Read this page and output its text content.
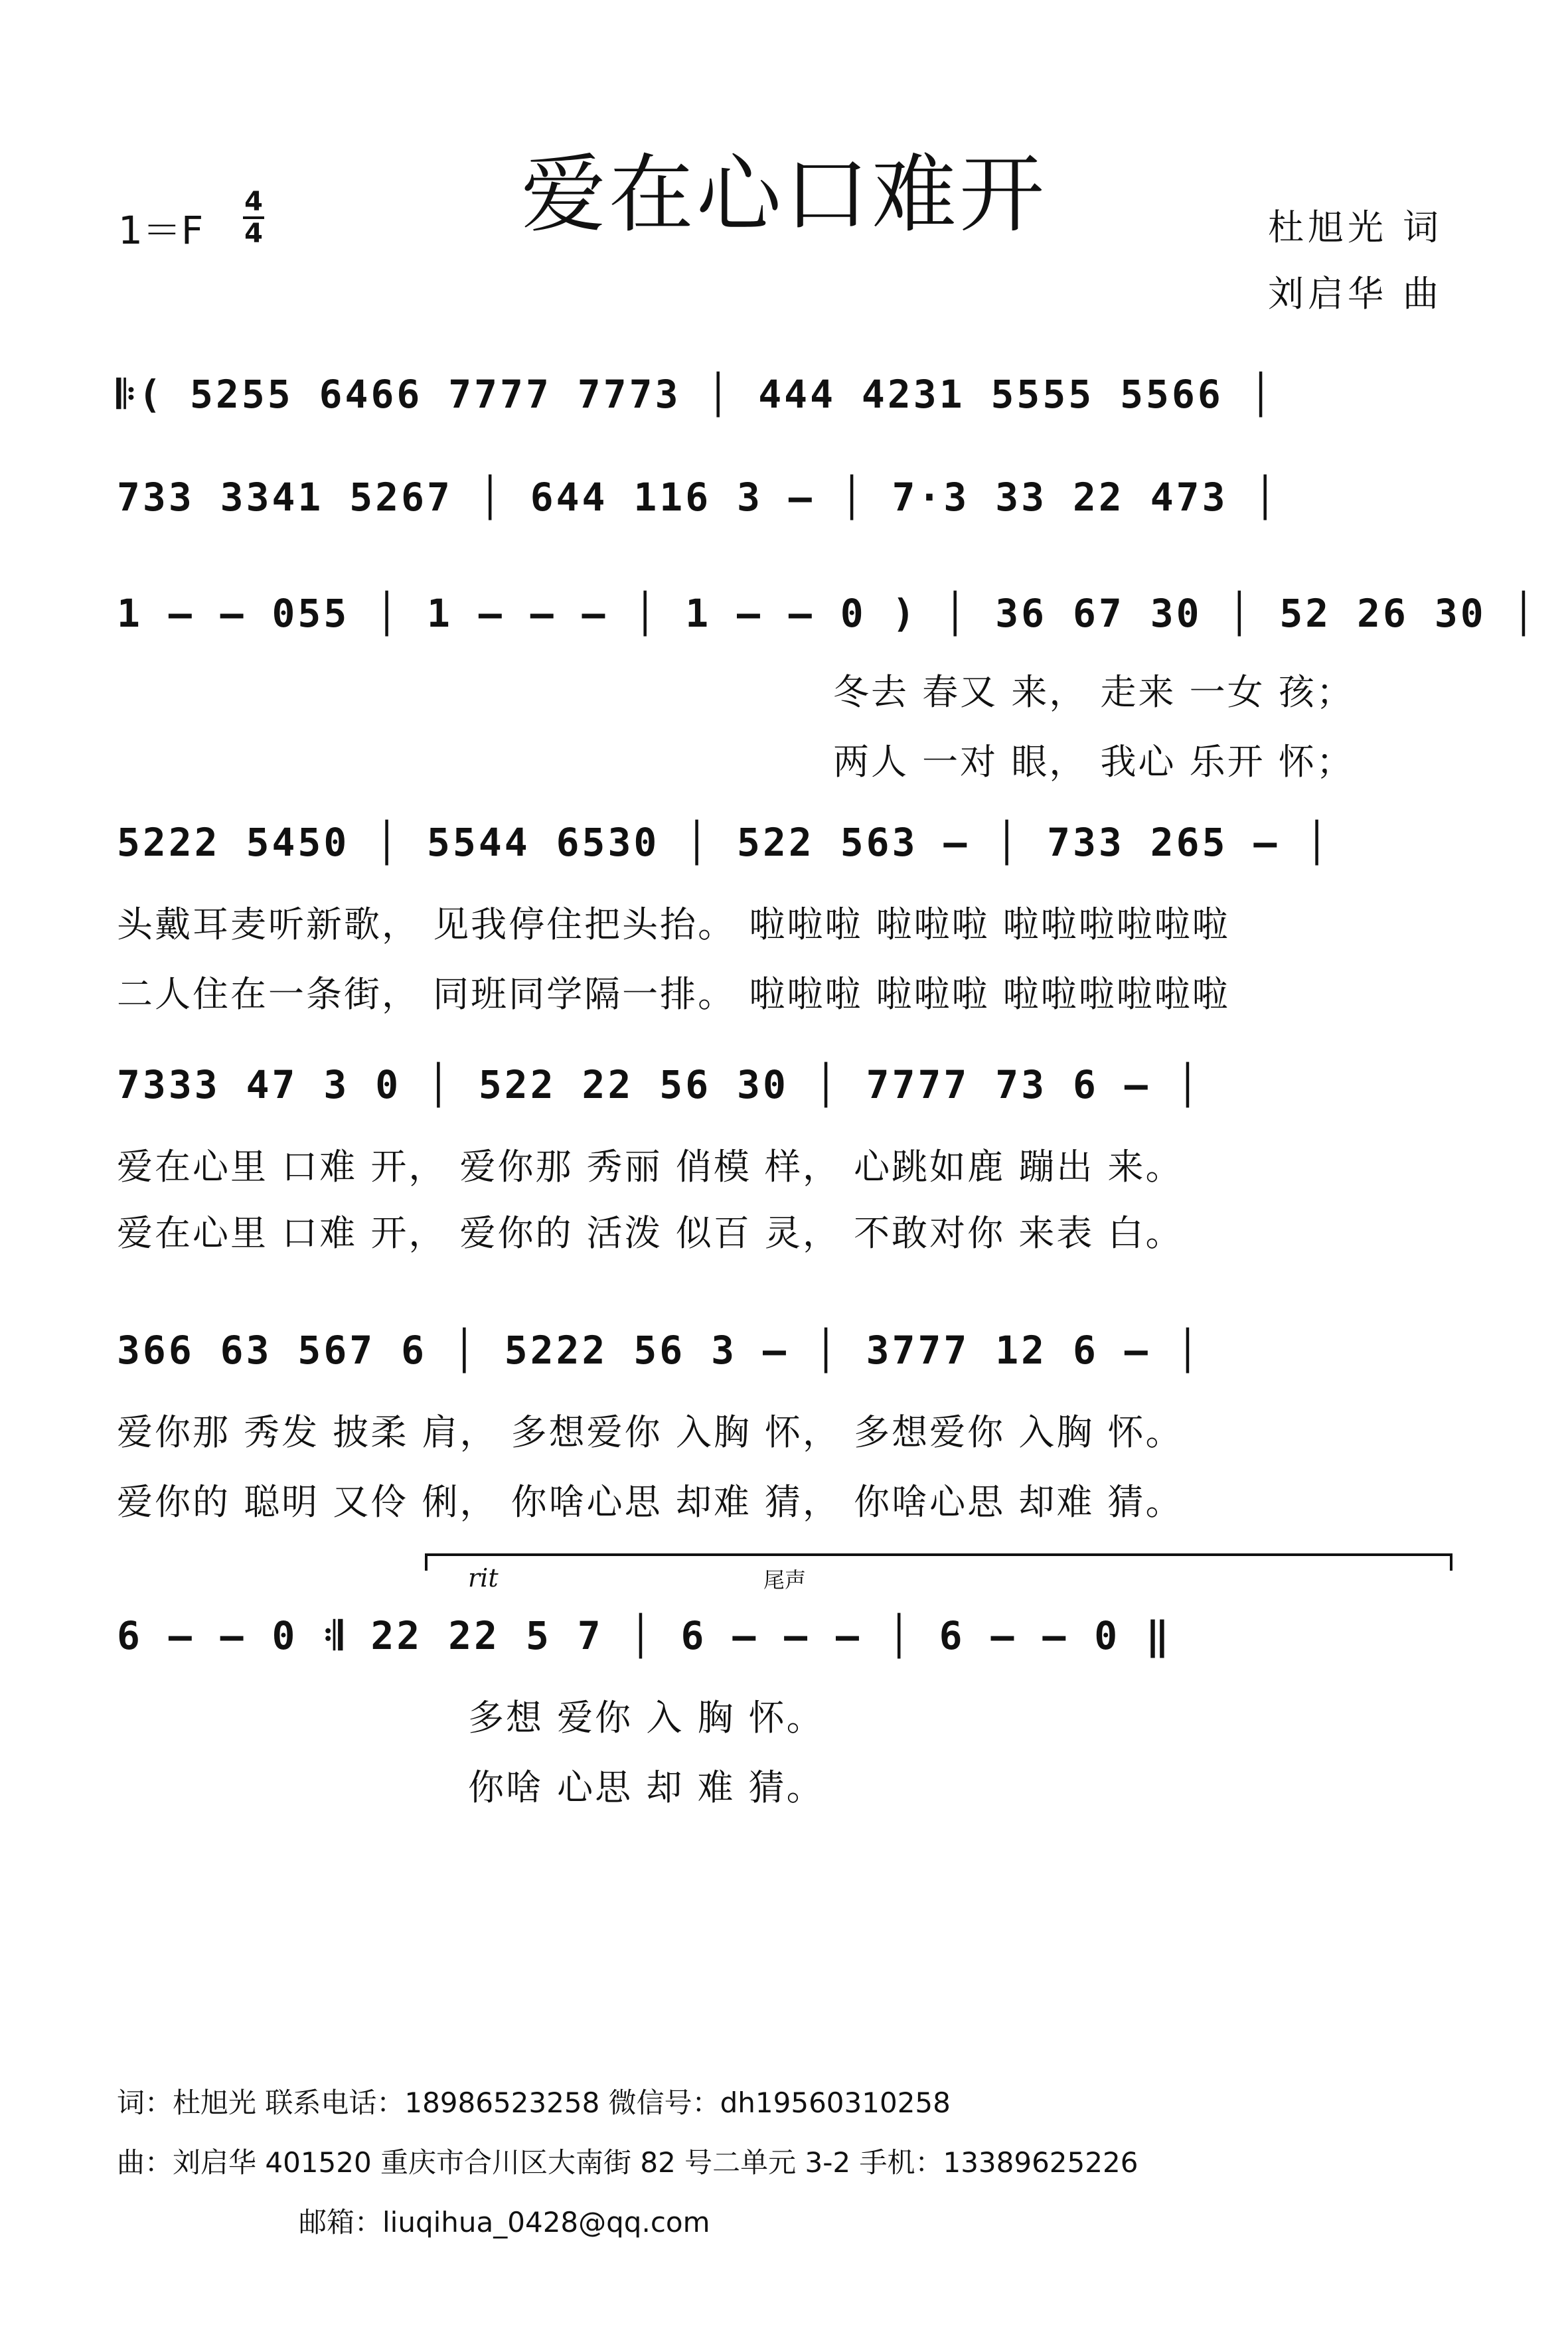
爱在心口难开
1＝F
4
4	杜旭光 词
刘启华 曲
𝄆( 5255 6466 7777 7773 │ 444 4231 5555 5566 │
733 3341 5267 │ 644 116 3 – │ 7·3 33 22 473 │
1 – – 055 │ 1 – – – │ 1 – – 0 ) │ 36 67 30 │ 52 26 30 │
冬去 春又 来， 走来 一女 孩；
两人 一对 眼， 我心 乐开 怀；
5222 5450 │ 5544 6530 │ 522 563 – │ 733 265 – │
头戴耳麦听新歌， 见我停住把头抬。 啦啦啦 啦啦啦 啦啦啦啦啦啦
二人住在一条街， 同班同学隔一排。 啦啦啦 啦啦啦 啦啦啦啦啦啦
7333 47 3 0 │ 522 22 56 30 │ 7777 73 6 – │
爱在心里 口难 开， 爱你那 秀丽 俏模 样， 心跳如鹿 蹦出 来。
爱在心里 口难 开， 爱你的 活泼 似百 灵， 不敢对你 来表 白。
366 63 567 6 │ 5222 56 3 – │ 3777 12 6 – │
爱你那 秀发 披柔 肩， 多想爱你 入胸 怀， 多想爱你 入胸 怀。
爱你的 聪明 又伶 俐， 你啥心思 却难 猜， 你啥心思 却难 猜。
rit	尾声
6 – – 0 𝄇 22 22 5 7 │ 6 – – – │ 6 – – 0 ‖
多想 爱你 入 胸 怀。
你啥 心思 却 难 猜。
词：杜旭光 联系电话：18986523258 微信号：dh19560310258
曲：刘启华 401520 重庆市合川区大南街 82 号二单元 3-2 手机：13389625226
邮箱：liuqihua_0428@qq.com
